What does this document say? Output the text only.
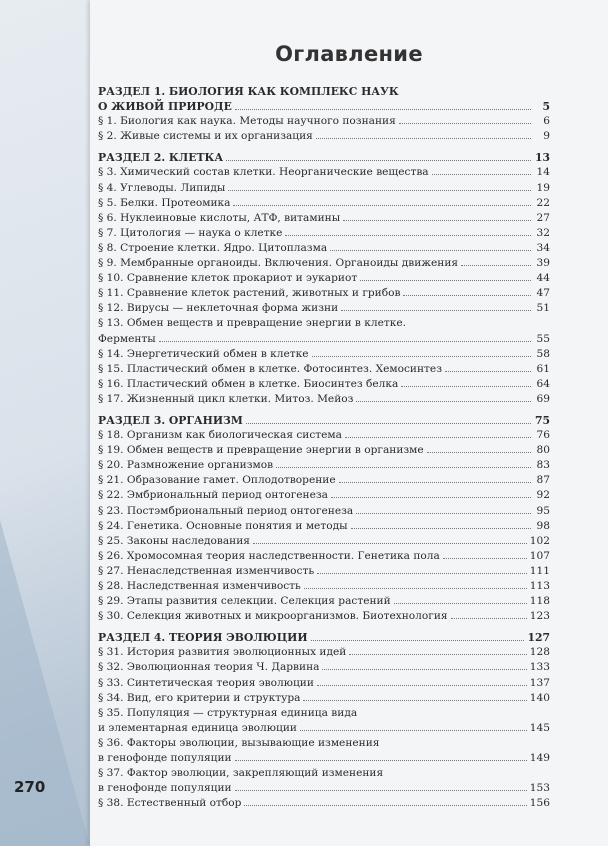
Оглавление
РАЗДЕЛ 1. БИОЛОГИЯ КАК КОМПЛЕКС НАУК
О ЖИВОЙ ПРИРОДЕ	5
§ 1. Биология как наука. Методы научного познания	6
§ 2. Живые системы и их организация	9
РАЗДЕЛ 2. КЛЕТКА	13
§ 3. Химический состав клетки. Неорганические вещества	14
§ 4. Углеводы. Липиды	19
§ 5. Белки. Протеомика	22
§ 6. Нуклеиновые кислоты, АТФ, витамины	27
§ 7. Цитология — наука о клетке	32
§ 8. Строение клетки. Ядро. Цитоплазма	34
§ 9. Мембранные органоиды. Включения. Органоиды движения	39
§ 10. Сравнение клеток прокариот и эукариот	44
§ 11. Сравнение клеток растений, животных и грибов	47
§ 12. Вирусы — неклеточная форма жизни	51
§ 13. Обмен веществ и превращение энергии в клетке.
Ферменты	55
§ 14. Энергетический обмен в клетке	58
§ 15. Пластический обмен в клетке. Фотосинтез. Хемосинтез	61
§ 16. Пластический обмен в клетке. Биосинтез белка	64
§ 17. Жизненный цикл клетки. Митоз. Мейоз	69
РАЗДЕЛ 3. ОРГАНИЗМ	75
§ 18. Организм как биологическая система	76
§ 19. Обмен веществ и превращение энергии в организме	80
§ 20. Размножение организмов	83
§ 21. Образование гамет. Оплодотворение	87
§ 22. Эмбриональный период онтогенеза	92
§ 23. Постэмбриональный период онтогенеза	95
§ 24. Генетика. Основные понятия и методы	98
§ 25. Законы наследования	102
§ 26. Хромосомная теория наследственности. Генетика пола	107
§ 27. Ненаследственная изменчивость	111
§ 28. Наследственная изменчивость	113
§ 29. Этапы развития селекции. Селекция растений	118
§ 30. Селекция животных и микроорганизмов. Биотехнология	123
РАЗДЕЛ 4. ТЕОРИЯ ЭВОЛЮЦИИ	127
§ 31. История развития эволюционных идей	128
§ 32. Эволюционная теория Ч. Дарвина	133
§ 33. Синтетическая теория эволюции	137
§ 34. Вид, его критерии и структура	140
§ 35. Популяция — структурная единица вида
и элементарная единица эволюции	145
§ 36. Факторы эволюции, вызывающие изменения
в генофонде популяции	149
§ 37. Фактор эволюции, закрепляющий изменения
в генофонде популяции	153
§ 38. Естественный отбор	156
270
